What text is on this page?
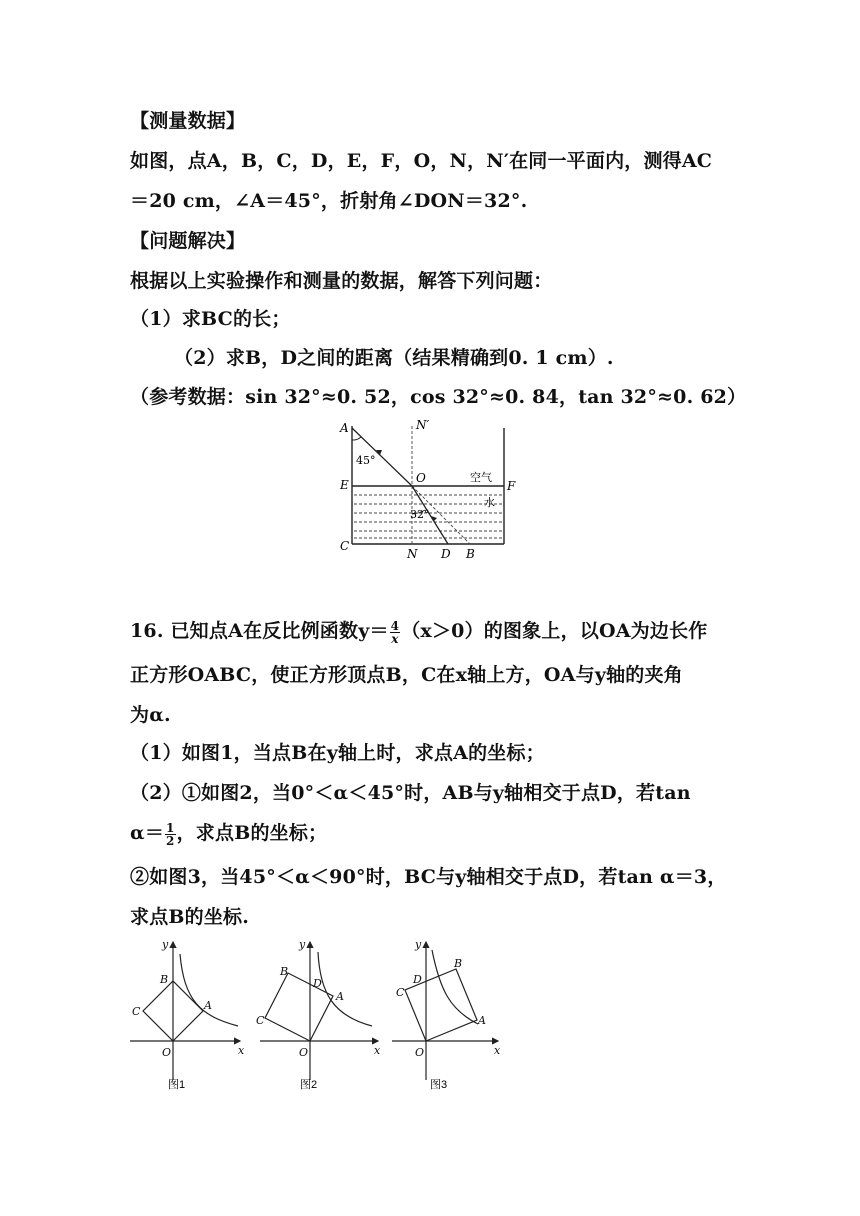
【测量数据】
如图，点A，B，C，D，E，F，O，N，N′在同一平面内，测得AC
＝20 cm，∠A＝45°，折射角∠DON＝32°.
【问题解决】
根据以上实验操作和测量的数据，解答下列问题：
（1）求BC的长；
（2）求B，D之间的距离（结果精确到0. 1 cm）.
（参考数据：sin 32°≈0. 52，cos 32°≈0. 84，tan 32°≈0. 62）
A	N′
45°
E	O	空气
F
水
32°
C
N D B
16. 已知点A在反比例函数$y= \frac{4}{x} (x>0)$的图象上，以OA为边长作
正方形OABC，使正方形顶点B，C在x轴上方，OA与y轴的夹角
为α.
（1）如图1，当点B在y轴上时，求点A的坐标；
（2）①如图2，当0°＜α＜45°时，AB与y轴相交于点D，若tan
$\alpha= \frac{1}{2}$ ，求点B的坐标；
②如图3，当45°＜α＜90°时，BC与y轴相交于点D，若tan α＝3，
求点B的坐标.
y
B
C	A
O	x
图1
y
B
D
A
C
O	x
图2
y
D
B
C
A
O	x
图3
